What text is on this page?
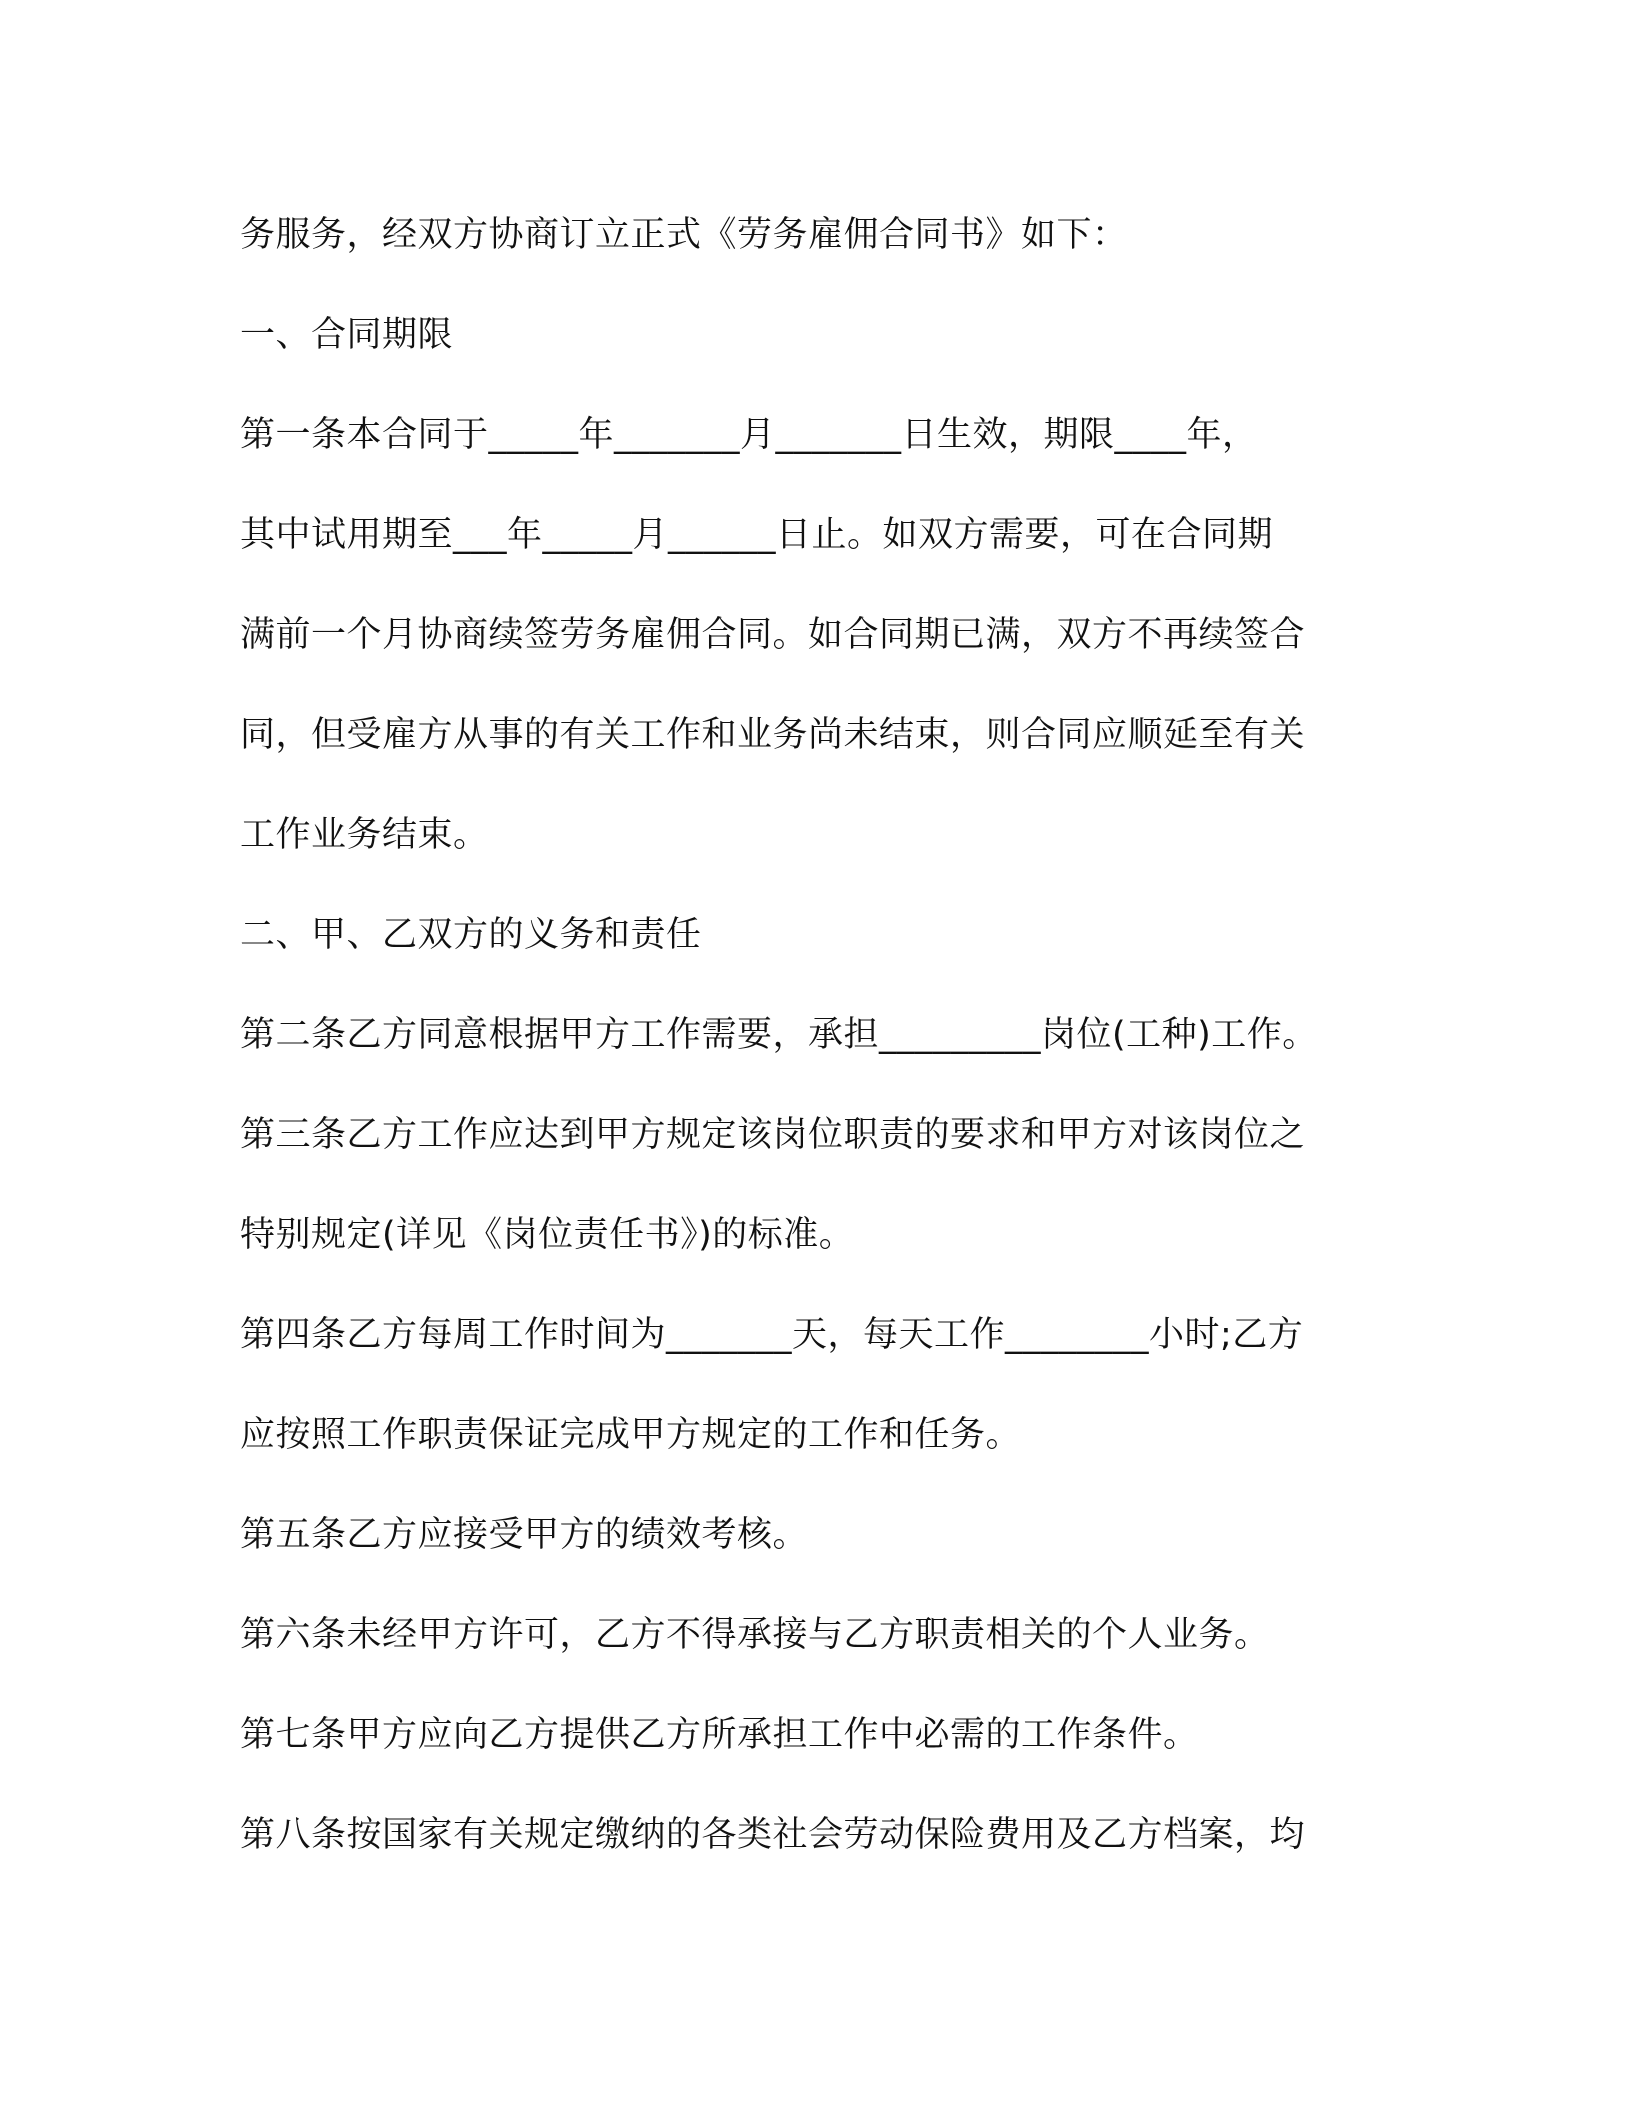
务服务，经双方协商订立正式《劳务雇佣合同书》如下：
一、合同期限
第一条本合同于_____年_______月_______日生效，期限____年，
其中试用期至___年_____月______日止。如双方需要，可在合同期
满前一个月协商续签劳务雇佣合同。如合同期已满，双方不再续签合
同，但受雇方从事的有关工作和业务尚未结束，则合同应顺延至有关
工作业务结束。
二、甲、乙双方的义务和责任
第二条乙方同意根据甲方工作需要，承担_________岗位(工种)工作。
第三条乙方工作应达到甲方规定该岗位职责的要求和甲方对该岗位之
特别规定(详见《岗位责任书》)的标准。
第四条乙方每周工作时间为_______天，每天工作________小时;乙方
应按照工作职责保证完成甲方规定的工作和任务。
第五条乙方应接受甲方的绩效考核。
第六条未经甲方许可，乙方不得承接与乙方职责相关的个人业务。
第七条甲方应向乙方提供乙方所承担工作中必需的工作条件。
第八条按国家有关规定缴纳的各类社会劳动保险费用及乙方档案，均
